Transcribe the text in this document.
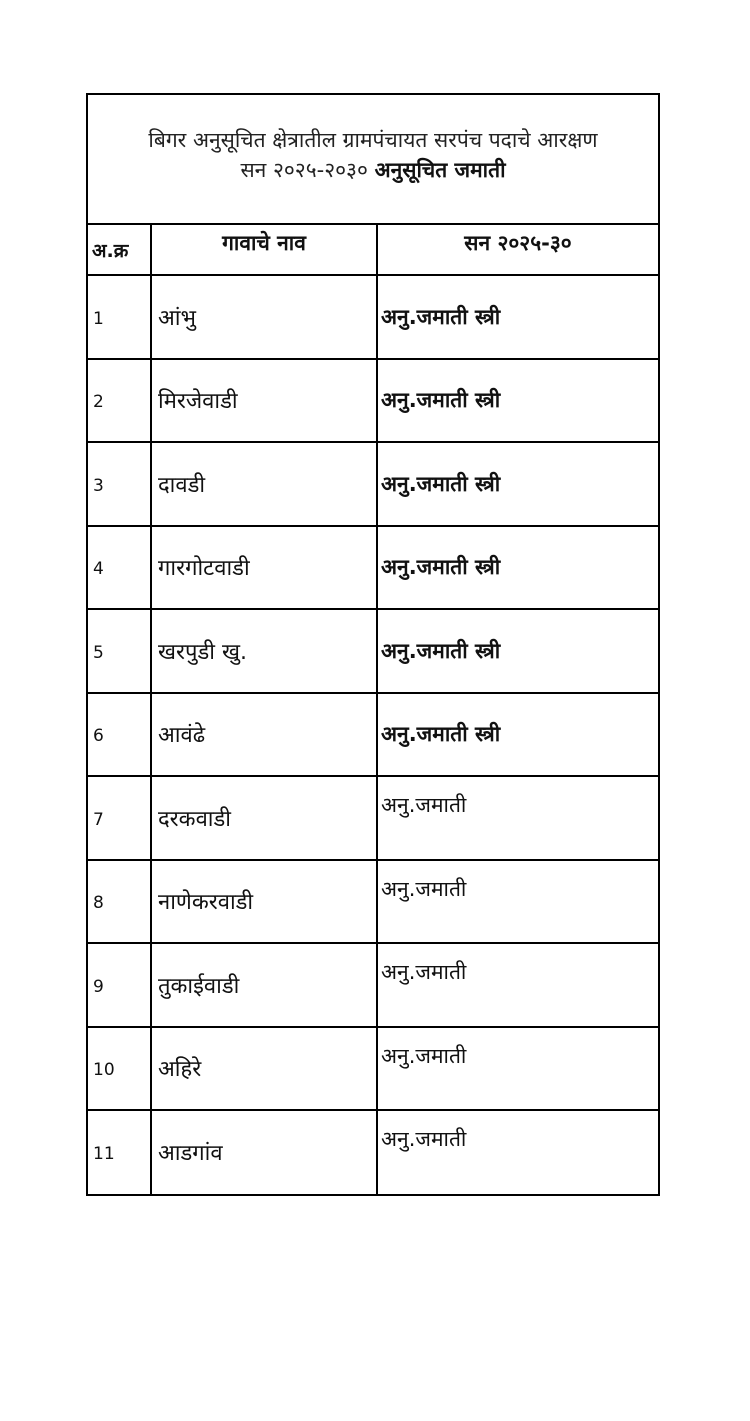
बिगर अनुसूचित क्षेत्रातील ग्रामपंचायत सरपंच पदाचे आरक्षण
सन २०२५-२०३० अनुसूचित जमाती
अ.क्र	गावाचे नाव	सन २०२५-३०
1	आंभु	अनु.जमाती स्त्री
2	मिरजेवाडी	अनु.जमाती स्त्री
3	दावडी	अनु.जमाती स्त्री
4	गारगोटवाडी	अनु.जमाती स्त्री
5	खरपुडी खु.	अनु.जमाती स्त्री
6	आवंढे	अनु.जमाती स्त्री
7	दरकवाडी	अनु.जमाती
8	नाणेकरवाडी	अनु.जमाती
9	तुकाईवाडी	अनु.जमाती
10	अहिरे	अनु.जमाती
11	आडगांव	अनु.जमाती
